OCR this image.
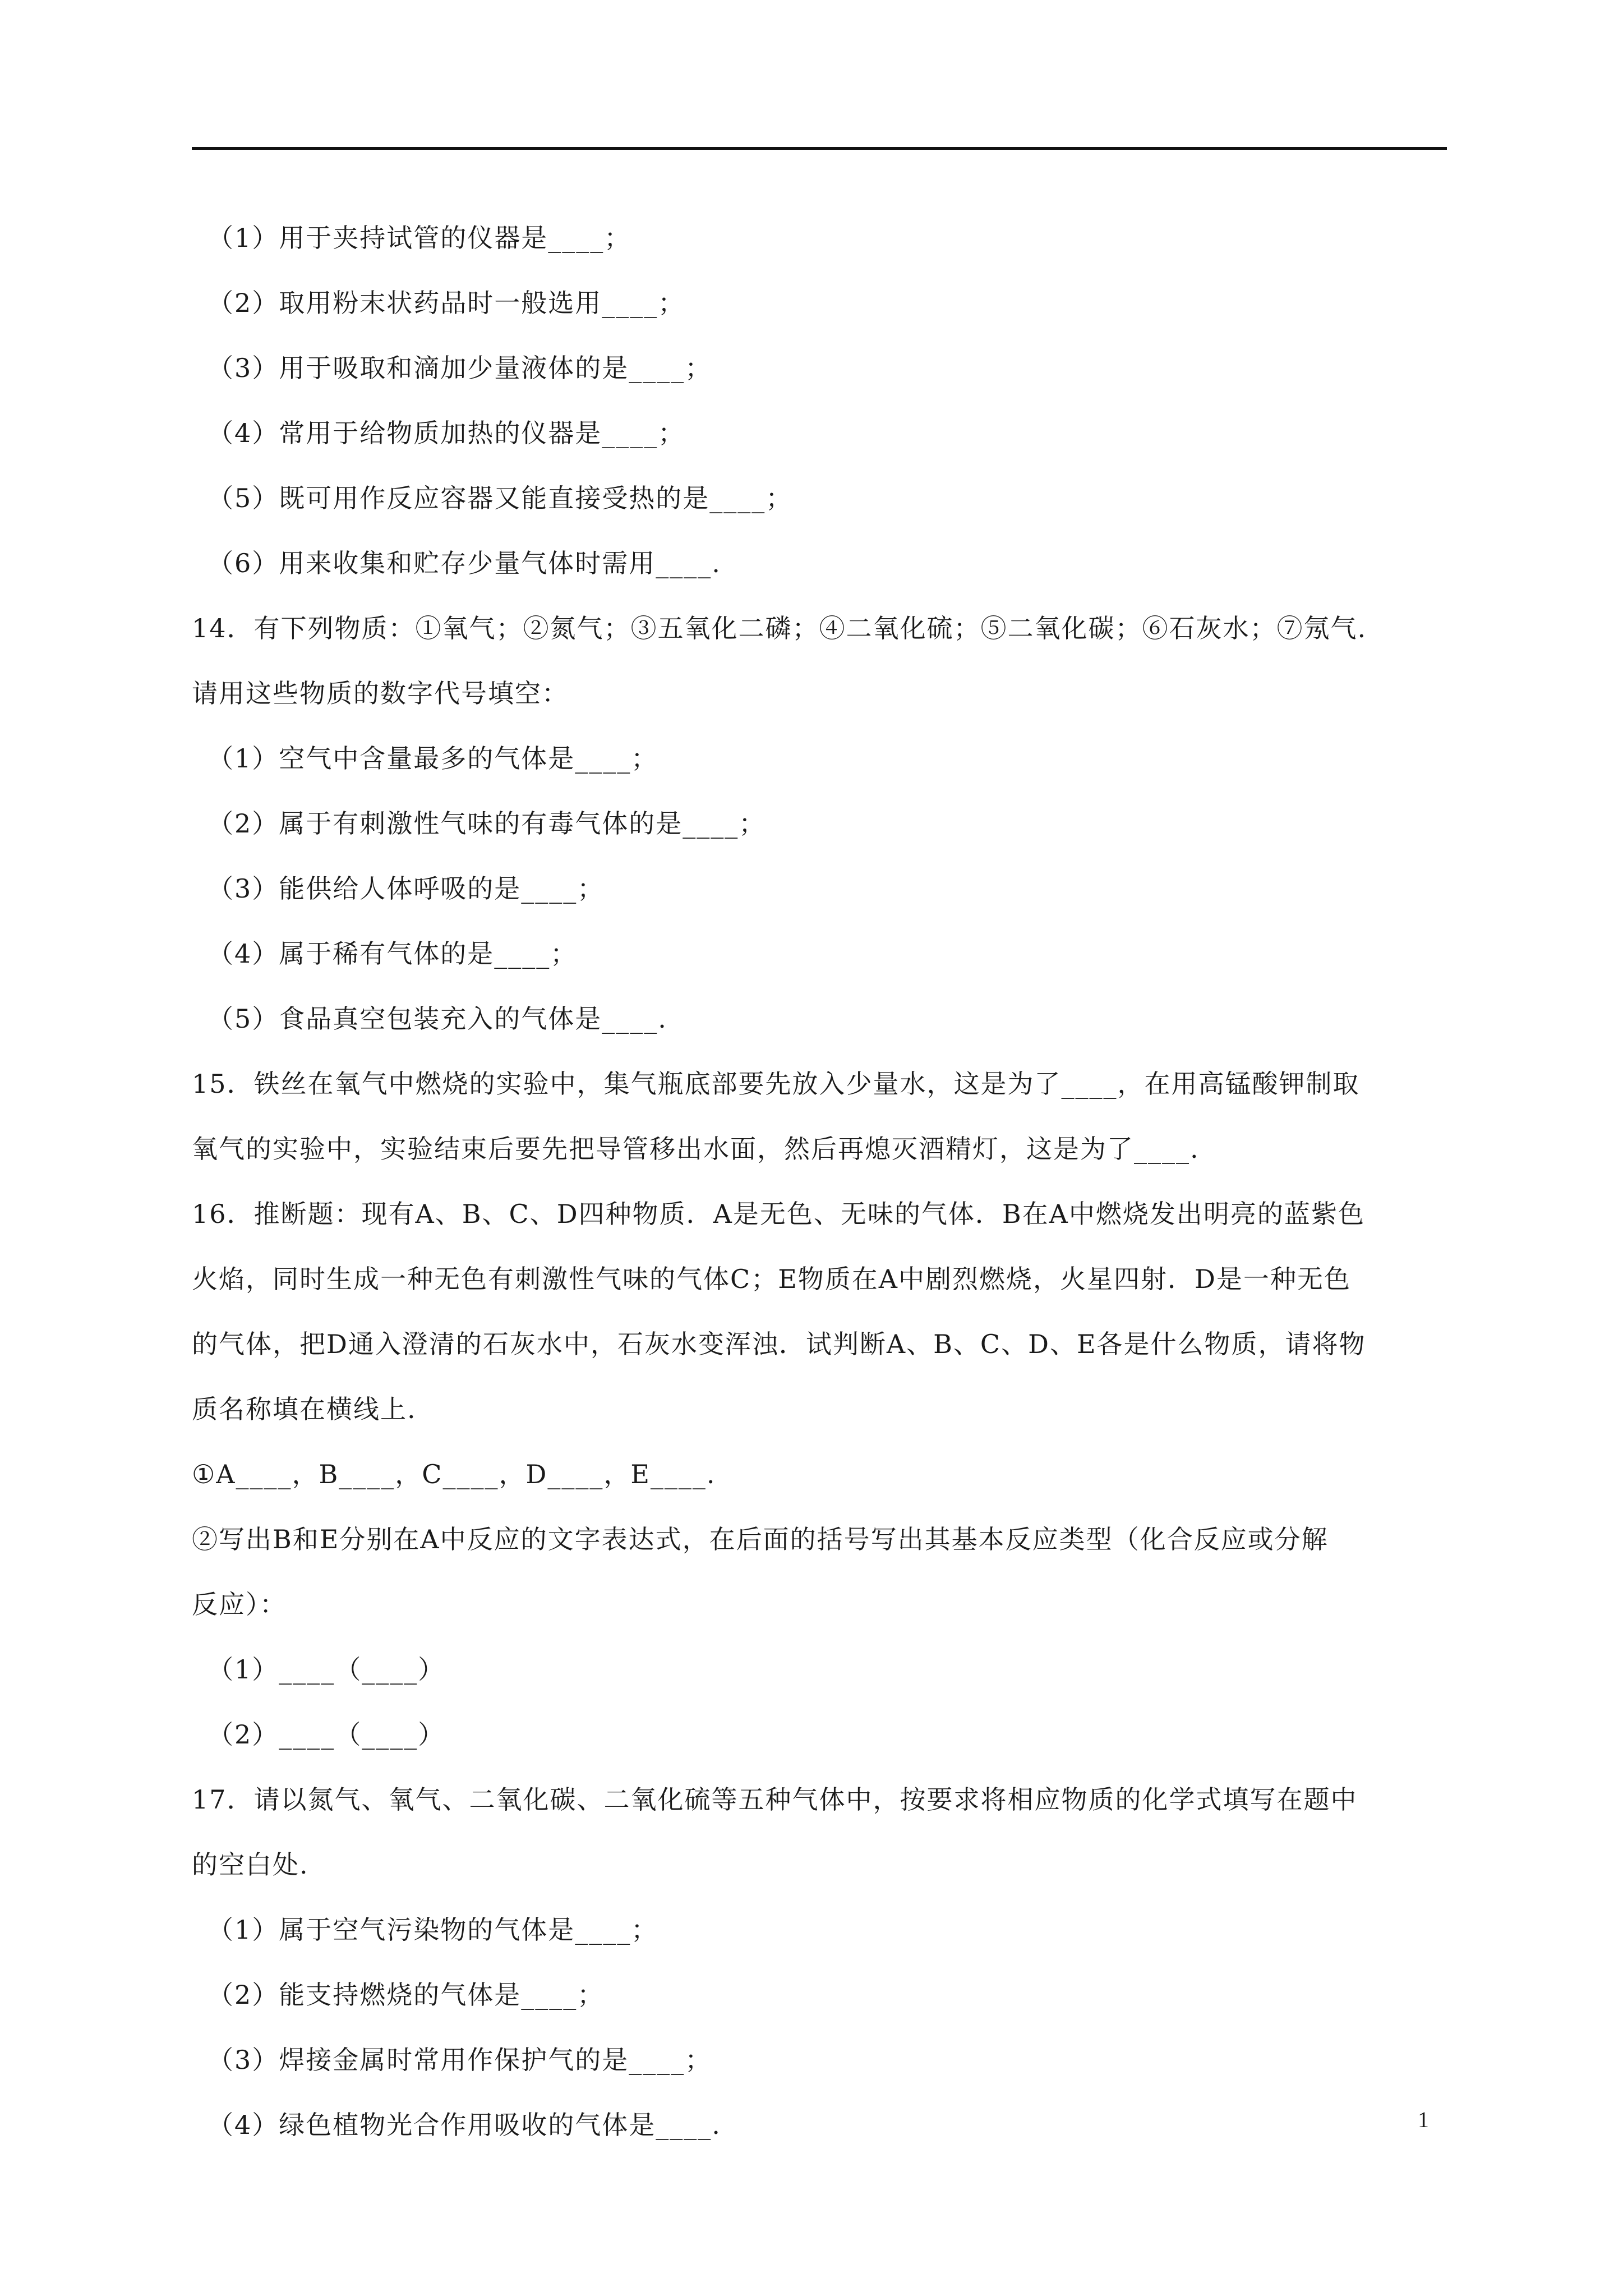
（1）用于夹持试管的仪器是____；
（2）取用粉末状药品时一般选用____；
（3）用于吸取和滴加少量液体的是____；
（4）常用于给物质加热的仪器是____；
（5）既可用作反应容器又能直接受热的是____；
（6）用来收集和贮存少量气体时需用____.
14．有下列物质：①氧气；②氮气；③五氧化二磷；④二氧化硫；⑤二氧化碳；⑥石灰水；⑦氖气.
请用这些物质的数字代号填空：
（1）空气中含量最多的气体是____；
（2）属于有刺激性气味的有毒气体的是____；
（3）能供给人体呼吸的是____；
（4）属于稀有气体的是____；
（5）食品真空包装充入的气体是____.
15．铁丝在氧气中燃烧的实验中，集气瓶底部要先放入少量水，这是为了____，在用高锰酸钾制取
氧气的实验中，实验结束后要先把导管移出水面，然后再熄灭酒精灯，这是为了____.
16．推断题：现有A、B、C、D四种物质．A是无色、无味的气体．B在A中燃烧发出明亮的蓝紫色
火焰，同时生成一种无色有刺激性气味的气体C；E物质在A中剧烈燃烧，火星四射．D是一种无色
的气体，把D通入澄清的石灰水中，石灰水变浑浊．试判断A、B、C、D、E各是什么物质，请将物
质名称填在横线上.
①A____，B____，C____，D____，E____.
②写出B和E分别在A中反应的文字表达式，在后面的括号写出其基本反应类型（化合反应或分解
反应）：
（1）____（____）
（2）____（____）
17．请以氮气、氧气、二氧化碳、二氧化硫等五种气体中，按要求将相应物质的化学式填写在题中
的空白处.
（1）属于空气污染物的气体是____；
（2）能支持燃烧的气体是____；
（3）焊接金属时常用作保护气的是____；
（4）绿色植物光合作用吸收的气体是____.	1
